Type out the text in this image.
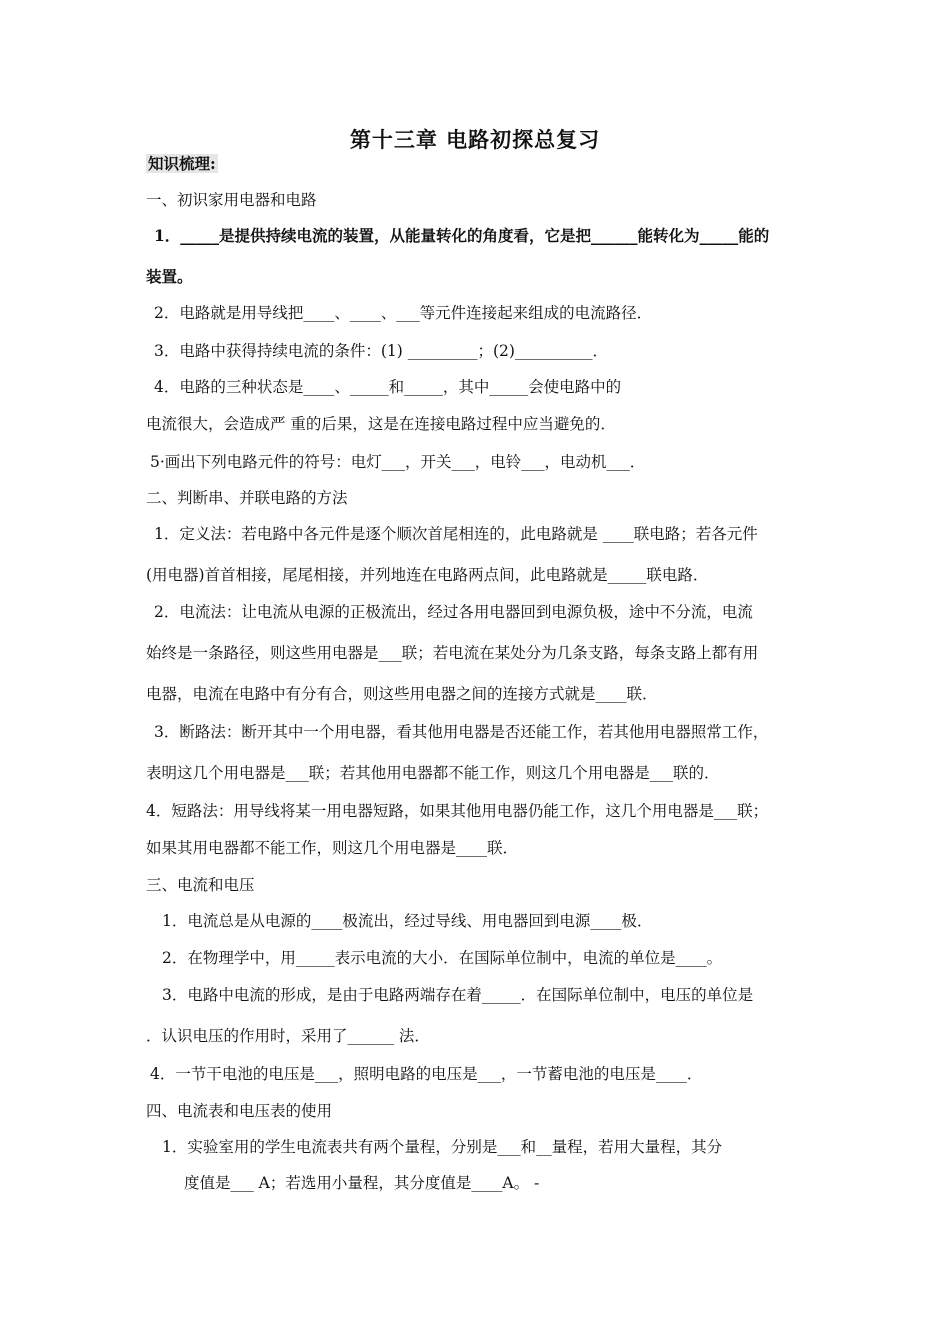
第十三章 电路初探总复习
知识梳理:
一、初识家用电器和电路
1．_____是提供持续电流的装置，从能量转化的角度看，它是把______能转化为_____能的
装置。
2．电路就是用导线把____、____、___等元件连接起来组成的电流路径．
3．电路中获得持续电流的条件：(1) _________；(2)__________．
4．电路的三种状态是____、_____和_____，其中_____会使电路中的
电流很大，会造成严 重的后果，这是在连接电路过程中应当避免的．
5·画出下列电路元件的符号：电灯___，开关___，电铃___，电动机___．
二、判断串、并联电路的方法
1．定义法：若电路中各元件是逐个顺次首尾相连的，此电路就是 ____联电路；若各元件
(用电器)首首相接，尾尾相接，并列地连在电路两点间，此电路就是_____联电路．
2．电流法：让电流从电源的正极流出，经过各用电器回到电源负极，途中不分流，电流
始终是一条路径，则这些用电器是___联；若电流在某处分为几条支路，每条支路上都有用
电器，电流在电路中有分有合，则这些用电器之间的连接方式就是____联．
3．断路法：断开其中一个用电器，看其他用电器是否还能工作，若其他用电器照常工作，
表明这几个用电器是___联；若其他用电器都不能工作，则这几个用电器是___联的．
4．短路法：用导线将某一用电器短路，如果其他用电器仍能工作，这几个用电器是___联；
如果其用电器都不能工作，则这几个用电器是____联．
三、电流和电压
1．电流总是从电源的____极流出，经过导线、用电器回到电源____极．
2．在物理学中，用_____表示电流的大小．在国际单位制中，电流的单位是____。
3．电路中电流的形成，是由于电路两端存在着_____．在国际单位制中，电压的单位是
．认识电压的作用时，采用了______ 法．
4．一节干电池的电压是___，照明电路的电压是___，一节蓄电池的电压是____．
四、电流表和电压表的使用
1．实验室用的学生电流表共有两个量程，分别是___和__量程，若用大量程，其分
度值是___ A；若选用小量程，其分度值是____A。 -
